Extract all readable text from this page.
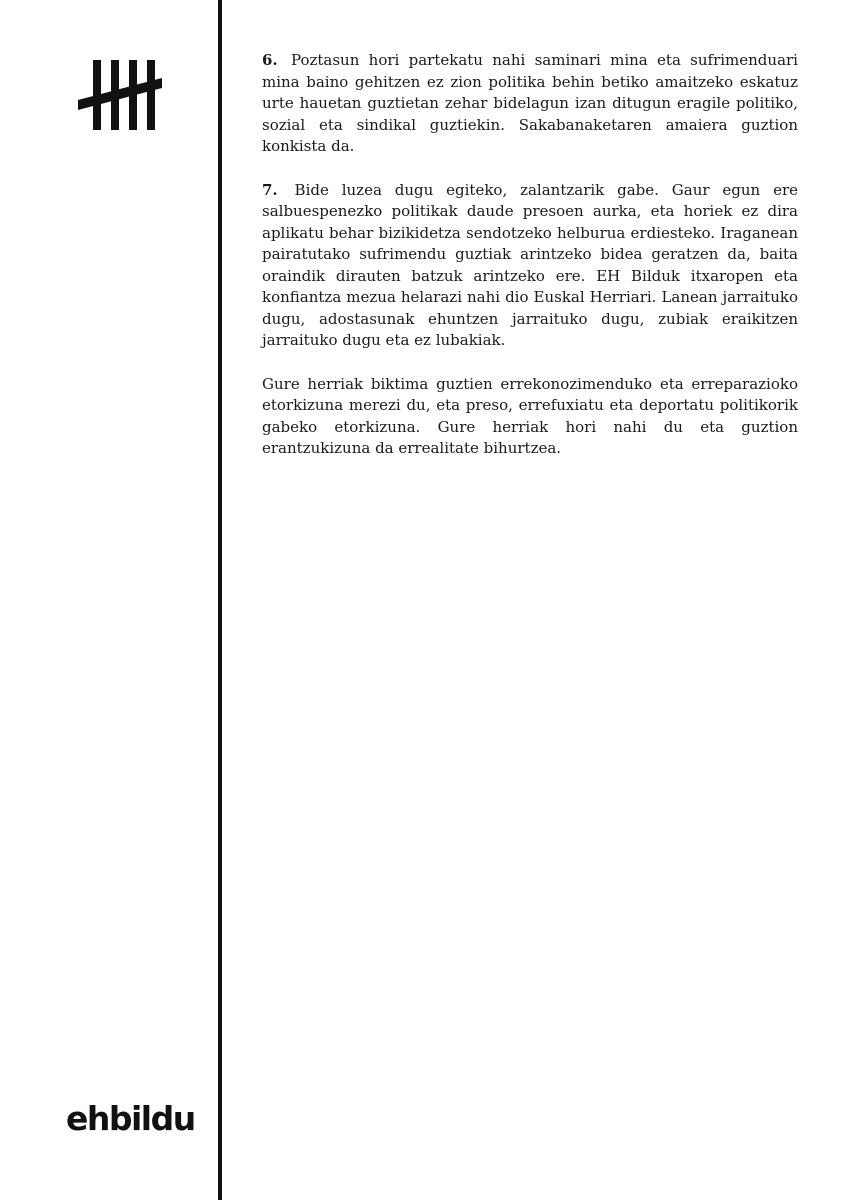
ehbildu

6. Poztasun hori partekatu nahi saminari mina eta sufrimenduari mina baino gehitzen ez zion politika behin betiko amaitzeko eskatuz urte hauetan guztietan zehar bidelagun izan ditugun eragile politiko, sozial eta sindikal guztiekin. Sakabanaketaren amaiera guztion konkista da.

7. Bide luzea dugu egiteko, zalantzarik gabe. Gaur egun ere salbuespenezko politikak daude presoen aurka, eta horiek ez dira aplikatu behar bizikidetza sendotzeko helburua erdiesteko. Iraganean pairatutako sufrimendu guztiak arintzeko bidea geratzen da, baita oraindik dirauten batzuk arintzeko ere. EH Bilduk itxaropen eta konfiantza mezua helarazi nahi dio Euskal Herriari. Lanean jarraituko dugu, adostasunak ehuntzen jarraituko dugu, zubiak eraikitzen jarraituko dugu eta ez lubakiak.

Gure herriak biktima guztien errekonozimenduko eta erreparazioko etorkizuna merezi du, eta preso, errefuxiatu eta deportatu politikorik gabeko etorkizuna. Gure herriak hori nahi du eta guztion erantzukizuna da errealitate bihurtzea.
